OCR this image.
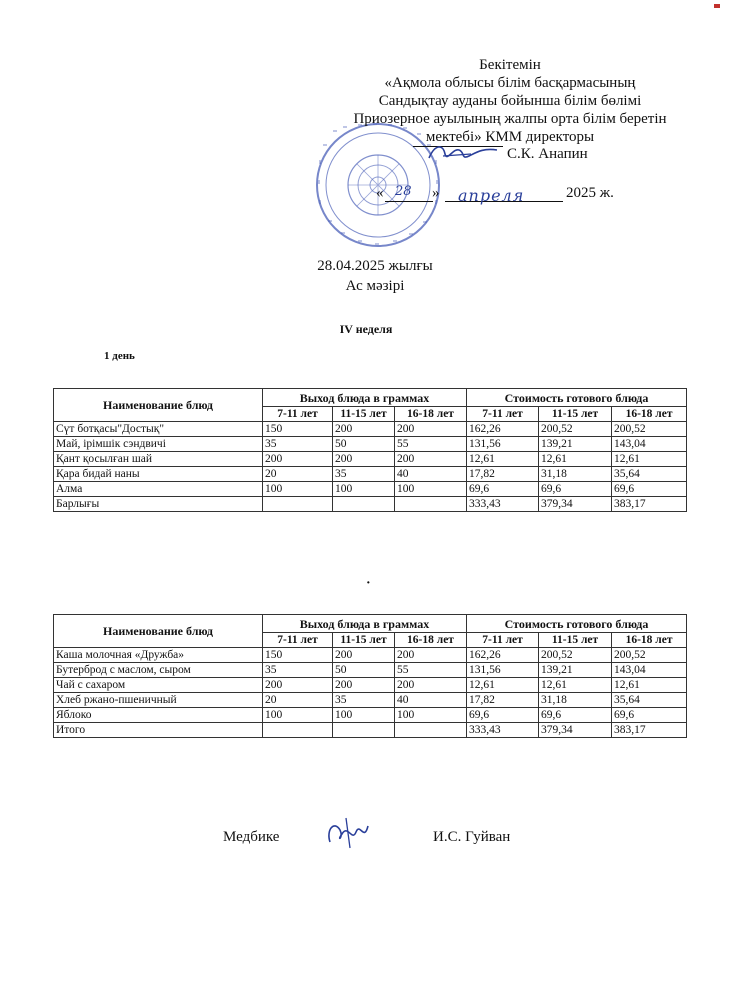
Бекітемін
«Ақмола облысы білім басқармасының
Сандықтау ауданы бойынша білім бөлімі
Приозерное ауылының жалпы орта білім беретін
мектебі» КММ директоры
С.К. Анапин
« 28 » апреля	2025 ж.
28.04.2025 жылғы
Ас мәзірі
IV неделя
1 день
Наименование блюд	Выход блюда в граммах			Стоимость готового блюда		
	7-11 лет	11-15 лет	16-18 лет	7-11 лет	11-15 лет	16-18 лет
Сүт ботқасы"Достық"	150	200	200	162,26	200,52	200,52
Май, ірімшік сэндвичі	35	50	55	131,56	139,21	143,04
Қант қосылған шай	200	200	200	12,61	12,61	12,61
Қара бидай наны	20	35	40	17,82	31,18	35,64
Алма	100	100	100	69,6	69,6	69,6
Барлығы				333,43	379,34	383,17
·
Наименование блюд	Выход блюда в граммах			Стоимость готового блюда		
	7-11 лет	11-15 лет	16-18 лет	7-11 лет	11-15 лет	16-18 лет
Каша молочная «Дружба»	150	200	200	162,26	200,52	200,52
Бутерброд с маслом, сыром	35	50	55	131,56	139,21	143,04
Чай с сахаром	200	200	200	12,61	12,61	12,61
Хлеб ржано-пшеничный	20	35	40	17,82	31,18	35,64
Яблоко	100	100	100	69,6	69,6	69,6
Итого				333,43	379,34	383,17
Медбике	И.С. Гуйван
